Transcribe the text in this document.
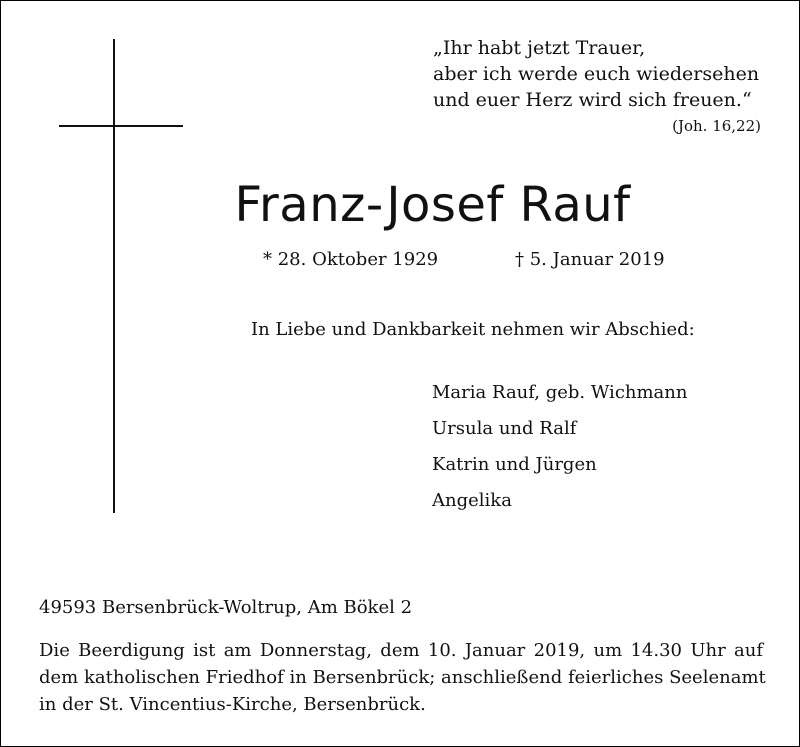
„Ihr habt jetzt Trauer,
aber ich werde euch wiedersehen
und euer Herz wird sich freuen.“
(Joh. 16,22)
Franz-Josef Rauf
* 28. Oktober 1929	† 5. Januar 2019
In Liebe und Dankbarkeit nehmen wir Abschied:
Maria Rauf, geb. Wichmann
Ursula und Ralf
Katrin und Jürgen
Angelika
49593 Bersenbrück-Woltrup, Am Bökel 2
Die Beerdigung ist am Donnerstag, dem 10. Januar 2019, um 14.30 Uhr auf
dem katholischen Friedhof in Bersenbrück; anschließend feierliches Seelenamt
in der St. Vincentius-Kirche, Bersenbrück.
